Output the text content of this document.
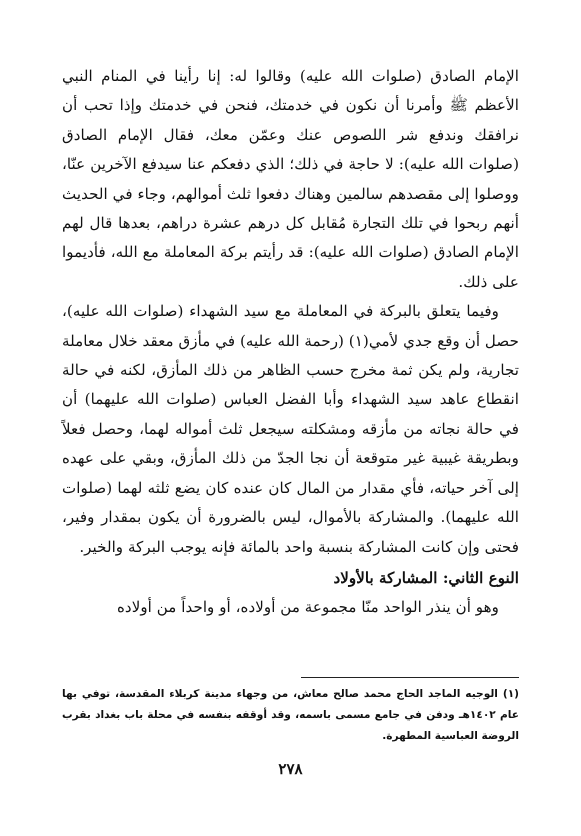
الإمام الصادق (صلوات الله عليه) وقالوا له: إنا رأينا في المنام النبي الأعظم ﷺ وأمرنا أن نكون في خدمتك، فنحن في خدمتك وإذا تحب أن نرافقك وندفع شر اللصوص عنك وعمّن معك، فقال الإمام الصادق (صلوات الله عليه): لا حاجة في ذلك؛ الذي دفعكم عنا سيدفع الآخرين عنّا، ووصلوا إلى مقصدهم سالمين وهناك دفعوا ثلث أموالهم، وجاء في الحديث أنهم ربحوا في تلك التجارة مُقابل كل درهم عشرة دراهم، بعدها قال لهم الإمام الصادق (صلوات الله عليه): قد رأيتم بركة المعاملة مع الله، فأديموا على ذلك.

وفيما يتعلق بالبركة في المعاملة مع سيد الشهداء (صلوات الله عليه)، حصل أن وقع جدي لأمي(١) (رحمة الله عليه) في مأزق معقد خلال معاملة تجارية، ولم يكن ثمة مخرج حسب الظاهر من ذلك المأزق، لكنه في حالة انقطاع عاهد سيد الشهداء وأبا الفضل العباس (صلوات الله عليهما) أن في حالة نجاته من مأزقه ومشكلته سيجعل ثلث أمواله لهما، وحصل فعلاً وبطريقة غيبية غير متوقعة أن نجا الجدّ من ذلك المأزق، وبقي على عهده إلى آخر حياته، فأي مقدار من المال كان عنده كان يضع ثلثه لهما (صلوات الله عليهما). والمشاركة بالأموال، ليس بالضرورة أن يكون بمقدار وفير، فحتى وإن كانت المشاركة بنسبة واحد بالمائة فإنه يوجب البركة والخير.

النوع الثاني: المشاركة بالأولاد

وهو أن ينذر الواحد منّا مجموعة من أولاده، أو واحداً من أولاده

(١) الوجيه الماجد الحاج محمد صالح معاش، من وجهاء مدينة كربلاء المقدسة، توفي بها عام ١٤٠٢هـ ودفن في جامع مسمى باسمه، وقد أوقفه بنفسه في محلة باب بغداد بقرب الروضة العباسية المطهرة.

٢٧٨
